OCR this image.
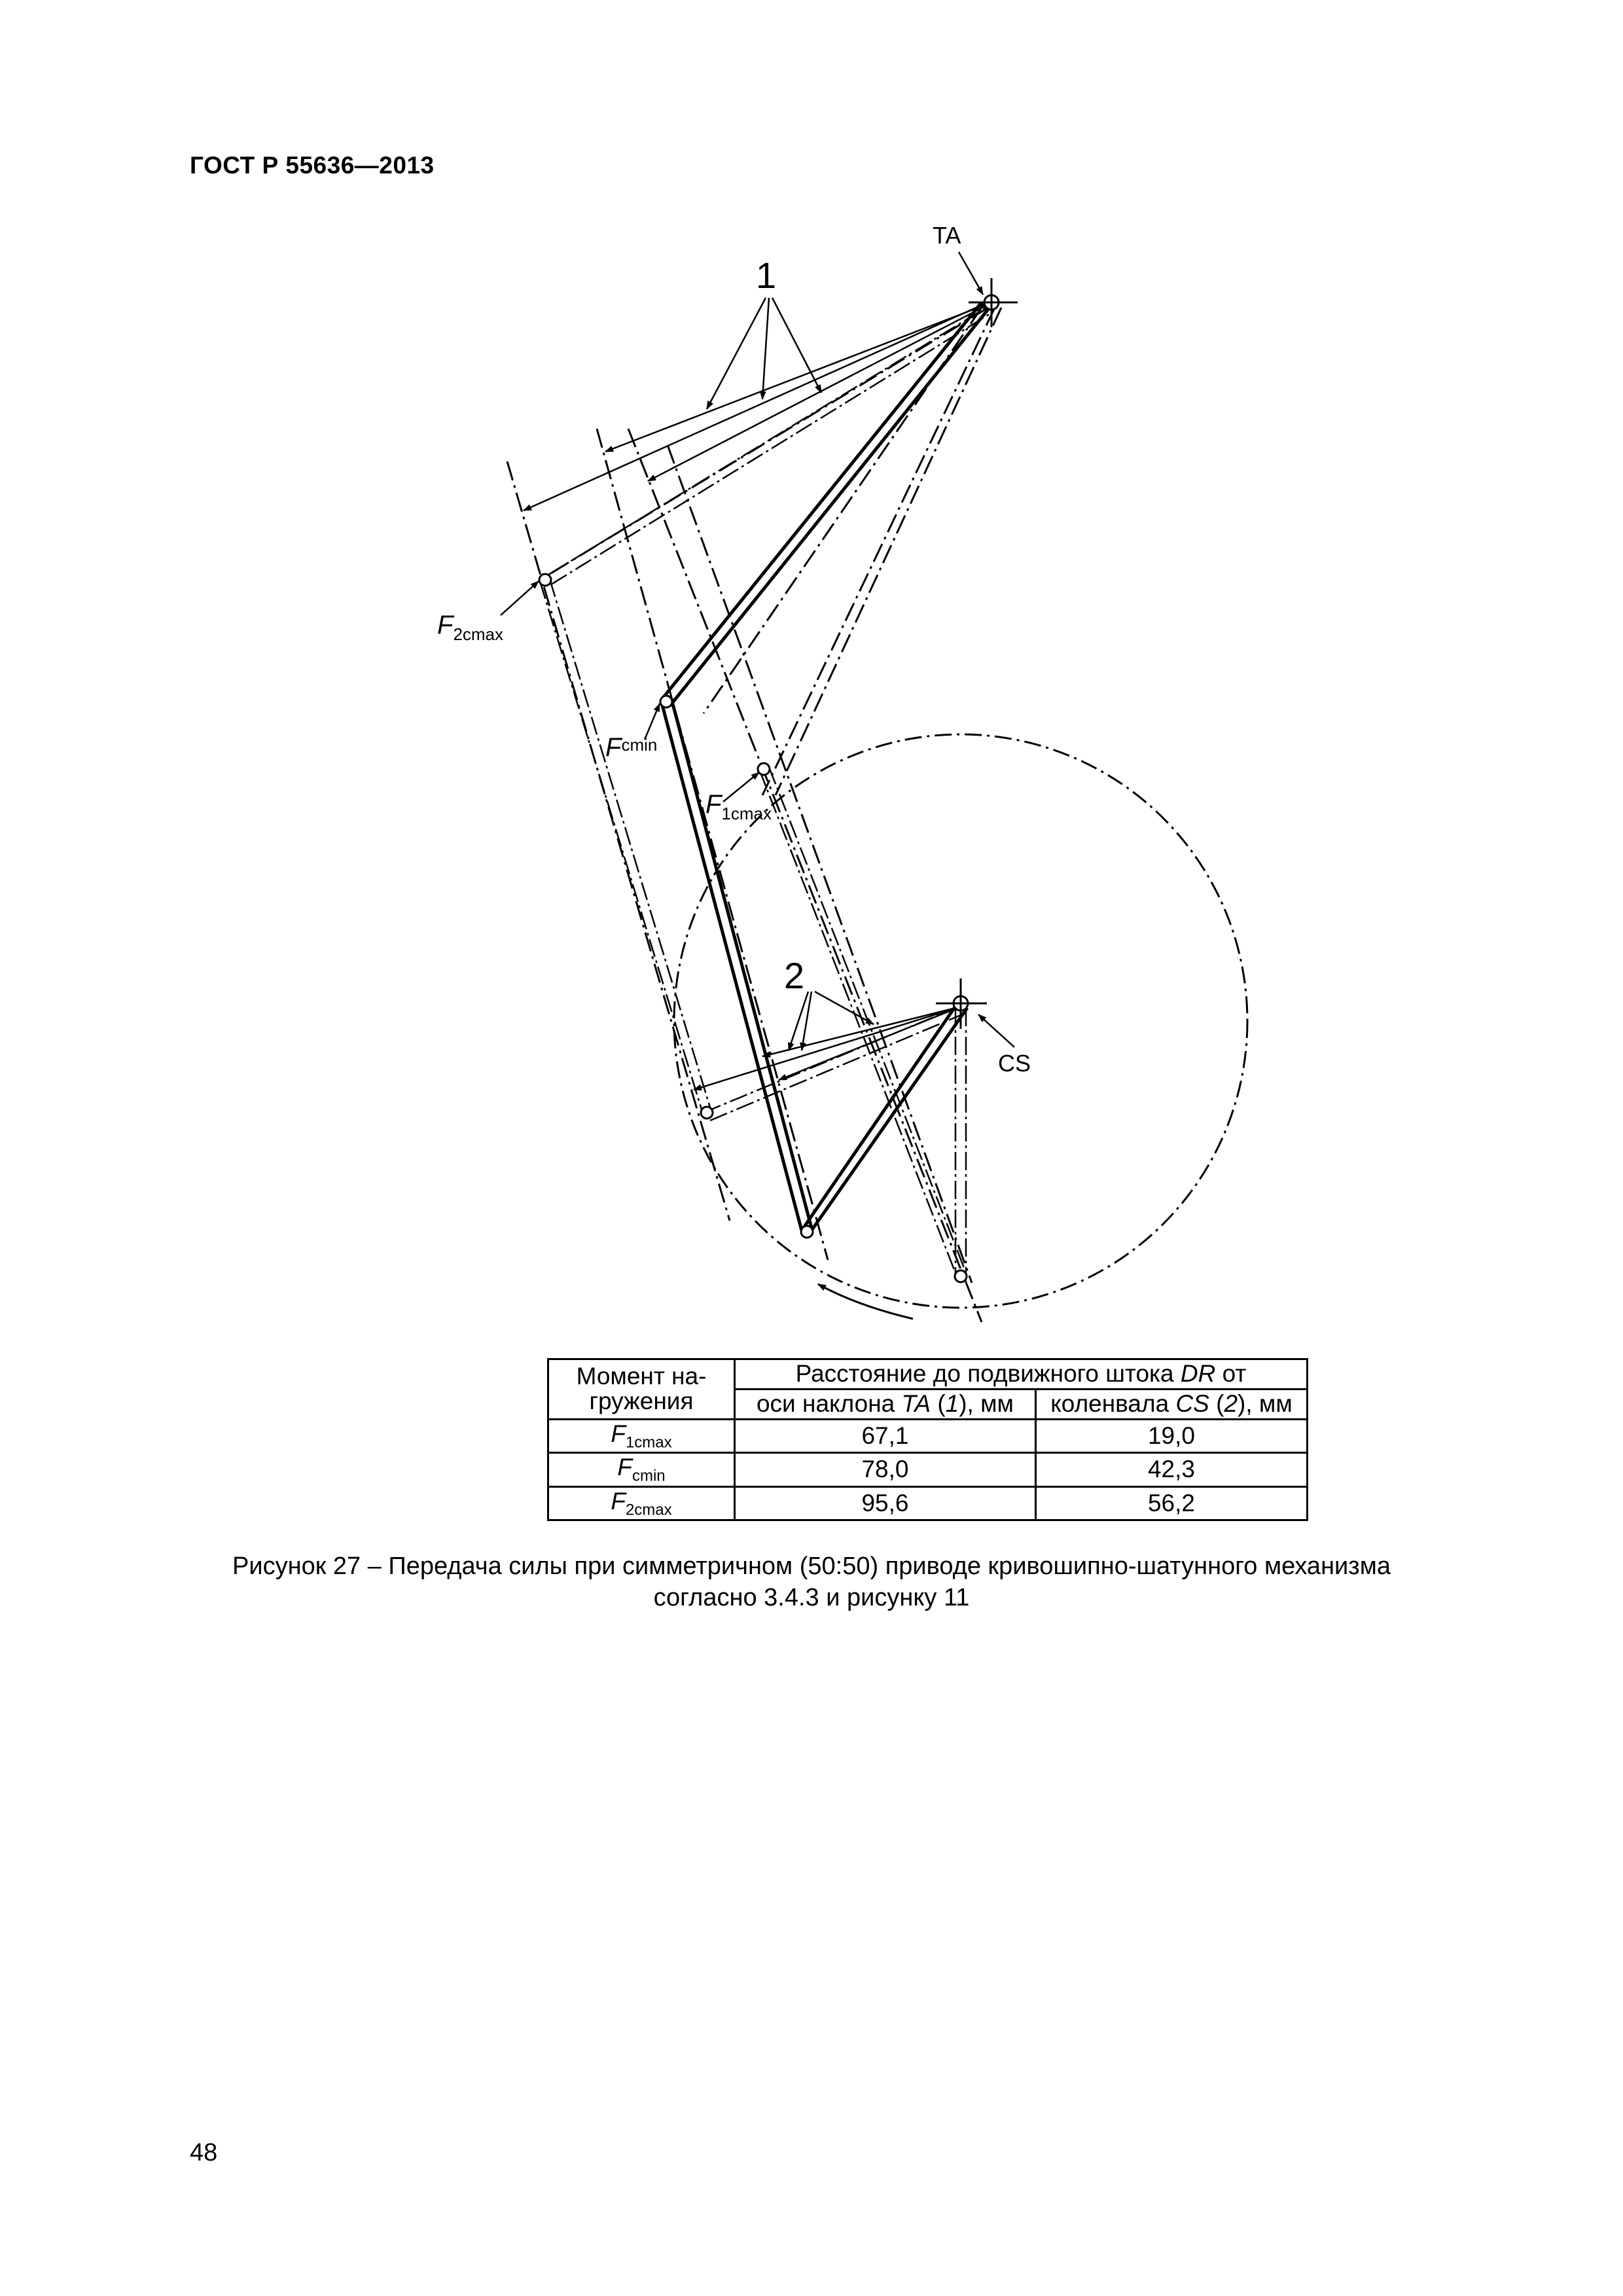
ГОСТ Р 55636—2013
TA
CS
1
2
$F_{2cmax}$
$F^{cmin}$
$F_{1cmax}$
Момент на-
гружения	Расстояние до подвижного штока DR от	
	оси наклона TA (1), мм	коленвала CS (2), мм
$F_{1cmax}$	67,1	19,0
$F_{cmin}$	78,0	42,3
$F_{2cmax}$	95,6	56,2
Рисунок 27 – Передача силы при симметричном (50:50) приводе кривошипно-шатунного механизма
согласно 3.4.3 и рисунку 11
48
